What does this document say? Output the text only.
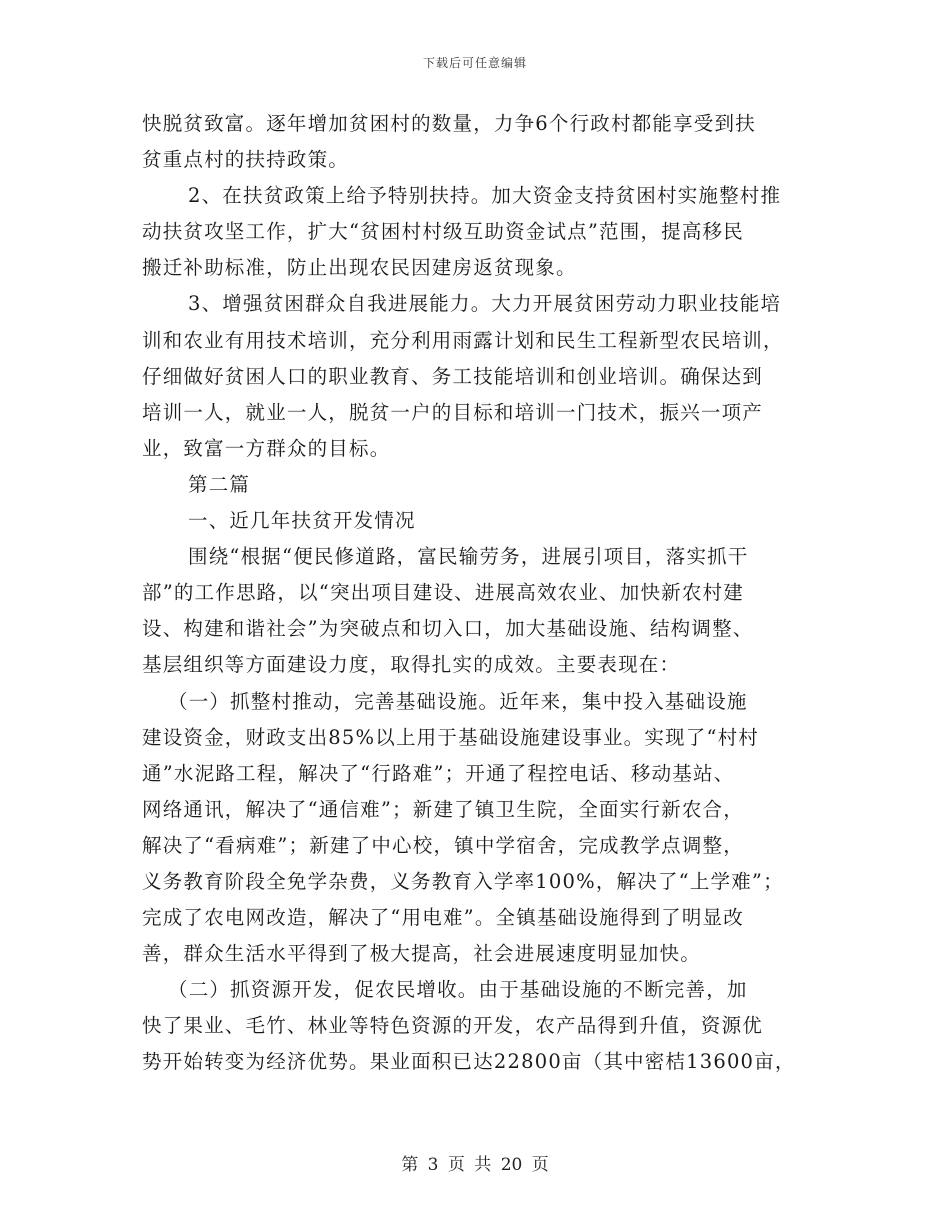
下载后可任意编辑
快脱贫致富。逐年增加贫困村的数量，力争6个行政村都能享受到扶
贫重点村的扶持政策。
2、在扶贫政策上给予特别扶持。加大资金支持贫困村实施整村推
动扶贫攻坚工作，扩大“贫困村村级互助资金试点”范围，提高移民
搬迁补助标准，防止出现农民因建房返贫现象。
3、增强贫困群众自我进展能力。大力开展贫困劳动力职业技能培
训和农业有用技术培训，充分利用雨露计划和民生工程新型农民培训，
仔细做好贫困人口的职业教育、务工技能培训和创业培训。确保达到
培训一人，就业一人，脱贫一户的目标和培训一门技术，振兴一项产
业，致富一方群众的目标。
第二篇
一、近几年扶贫开发情况
围绕“根据“便民修道路，富民输劳务，进展引项目，落实抓干
部”的工作思路，以“突出项目建设、进展高效农业、加快新农村建
设、构建和谐社会”为突破点和切入口，加大基础设施、结构调整、
基层组织等方面建设力度，取得扎实的成效。主要表现在：
（一）抓整村推动，完善基础设施。近年来，集中投入基础设施
建设资金，财政支出85%以上用于基础设施建设事业。实现了“村村
通”水泥路工程，解决了“行路难”；开通了程控电话、移动基站、
网络通讯，解决了“通信难”；新建了镇卫生院，全面实行新农合，
解决了“看病难”；新建了中心校，镇中学宿舍，完成教学点调整，
义务教育阶段全免学杂费，义务教育入学率100%，解决了“上学难”；
完成了农电网改造，解决了“用电难”。全镇基础设施得到了明显改
善，群众生活水平得到了极大提高，社会进展速度明显加快。
（二）抓资源开发，促农民增收。由于基础设施的不断完善，加
快了果业、毛竹、林业等特色资源的开发，农产品得到升值，资源优
势开始转变为经济优势。果业面积已达22800亩（其中密桔13600亩，
第 3 页 共 20 页
